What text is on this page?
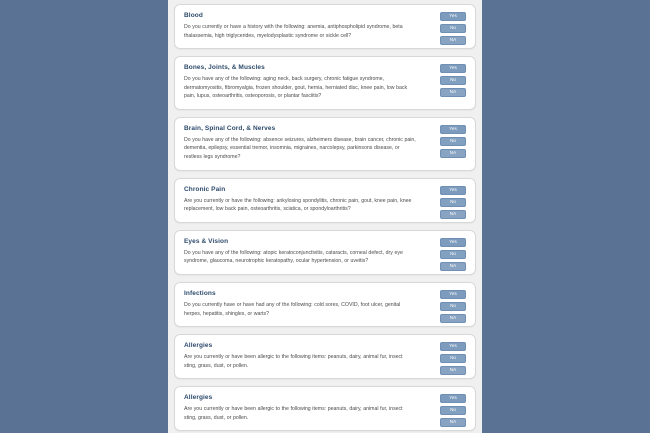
Blood
Do you currently or have a history with the following: anemia, antiphospholipid syndrome, beta thalassemia, high triglycerides, myelodysplastic syndrome or sickle cell?
Yes
No
NA
Bones, Joints, & Muscles
Do you have any of the following: aging neck, back surgery, chronic fatigue syndrome, dermatomyositis, fibromyalgia, frozen shoulder, gout, hernia, herniated disc, knee pain, low back pain, lupus, osteoarthritis, osteoporosis, or plantar fasciitis?
Yes
No
NA
Brain, Spinal Cord, & Nerves
Do you have any of the following: absence seizures, alzheimers disease, brain cancer, chronic pain, dementia, epilepsy, essential tremor, insomnia, migraines, narcolepsy, parkinsons disease, or restless legs syndrome?
Yes
No
NA
Chronic Pain
Are you currently or have the following: ankylosing spondylitis, chronic pain, gout, knee pain, knee replacement, low back pain, osteoarthritis, sciatica, or spondyloarthritis?
Yes
No
NA
Eyes & Vision
Do you have any of the following: atopic keratoconjunctivitis, cataracts, corneal defect, dry eye syndrome, glaucoma, neurotrophic keratopathy, ocular hypertension, or uveitis?
Yes
No
NA
Infections
Do you currently have or have had any of the following: cold sores, COVID, foot ulcer, genital herpes, hepatitis, shingles, or warts?
Yes
No
NA
Allergies
Are you currently or have been allergic to the following items: peanuts, dairy, animal fur, insect sting, grass, dust, or pollen.
Yes
No
NA
Allergies
Are you currently or have been allergic to the following items: peanuts, dairy, animal fur, insect sting, grass, dust, or pollen.
Yes
No
NA
